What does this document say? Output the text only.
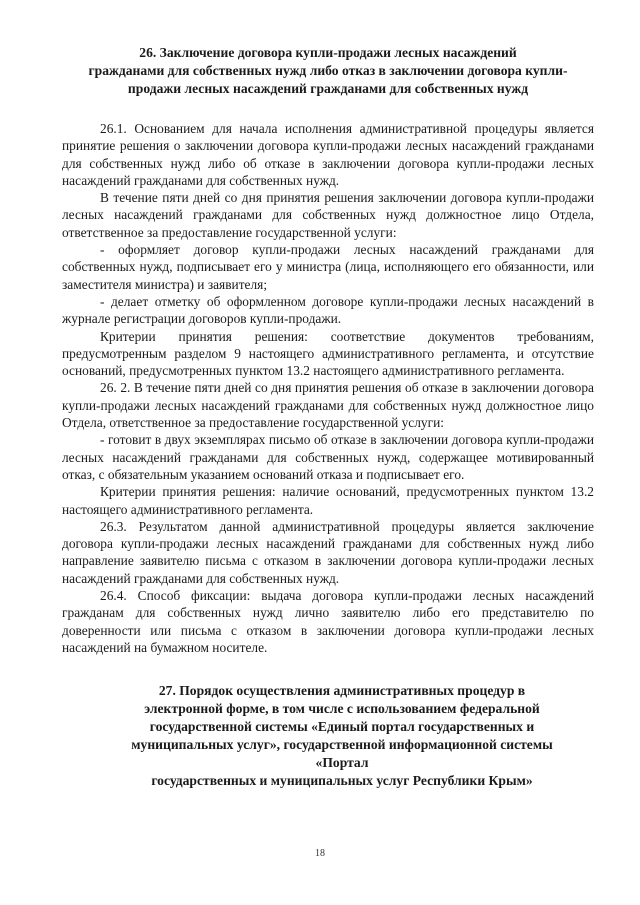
26. Заключение договора купли-продажи лесных насаждений
гражданами для собственных нужд либо отказ в заключении договора купли-
продажи лесных насаждений гражданами для собственных нужд

26.1. Основанием для начала исполнения административной процедуры является принятие решения о заключении договора купли-продажи лесных насаждений гражданами для собственных нужд либо об отказе в заключении договора купли-продажи лесных насаждений гражданами для собственных нужд.

В течение пяти дней со дня принятия решения заключении договора купли-продажи лесных насаждений гражданами для собственных нужд должностное лицо Отдела, ответственное за предоставление государственной услуги:

- оформляет договор купли-продажи лесных насаждений гражданами для собственных нужд, подписывает его у министра (лица, исполняющего его обязанности, или заместителя министра) и заявителя;

- делает отметку об оформленном договоре купли-продажи лесных насаждений в журнале регистрации договоров купли-продажи.

Критерии принятия решения: соответствие документов требованиям, предусмотренным разделом 9 настоящего административного регламента, и отсутствие оснований, предусмотренных пунктом 13.2 настоящего административного регламента.

26. 2. В течение пяти дней со дня принятия решения об отказе в заключении договора купли-продажи лесных насаждений гражданами для собственных нужд должностное лицо Отдела, ответственное за предоставление государственной услуги:

- готовит в двух экземплярах письмо об отказе в заключении договора купли-продажи лесных насаждений гражданами для собственных нужд, содержащее мотивированный отказ, с обязательным указанием оснований отказа и подписывает его.

Критерии принятия решения: наличие оснований, предусмотренных пунктом 13.2 настоящего административного регламента.

26.3. Результатом данной административной процедуры является заключение договора купли-продажи лесных насаждений гражданами для собственных нужд либо направление заявителю письма с отказом в заключении договора купли-продажи лесных насаждений гражданами для собственных нужд.

26.4. Способ фиксации: выдача договора купли-продажи лесных насаждений гражданам для собственных нужд лично заявителю либо его представителю по доверенности или письма с отказом в заключении договора купли-продажи лесных насаждений на бумажном носителе.

27. Порядок осуществления административных процедур в
электронной форме, в том числе с использованием федеральной
государственной системы «Единый портал государственных и
муниципальных услуг», государственной информационной системы «Портал
государственных и муниципальных услуг Республики Крым»
18
